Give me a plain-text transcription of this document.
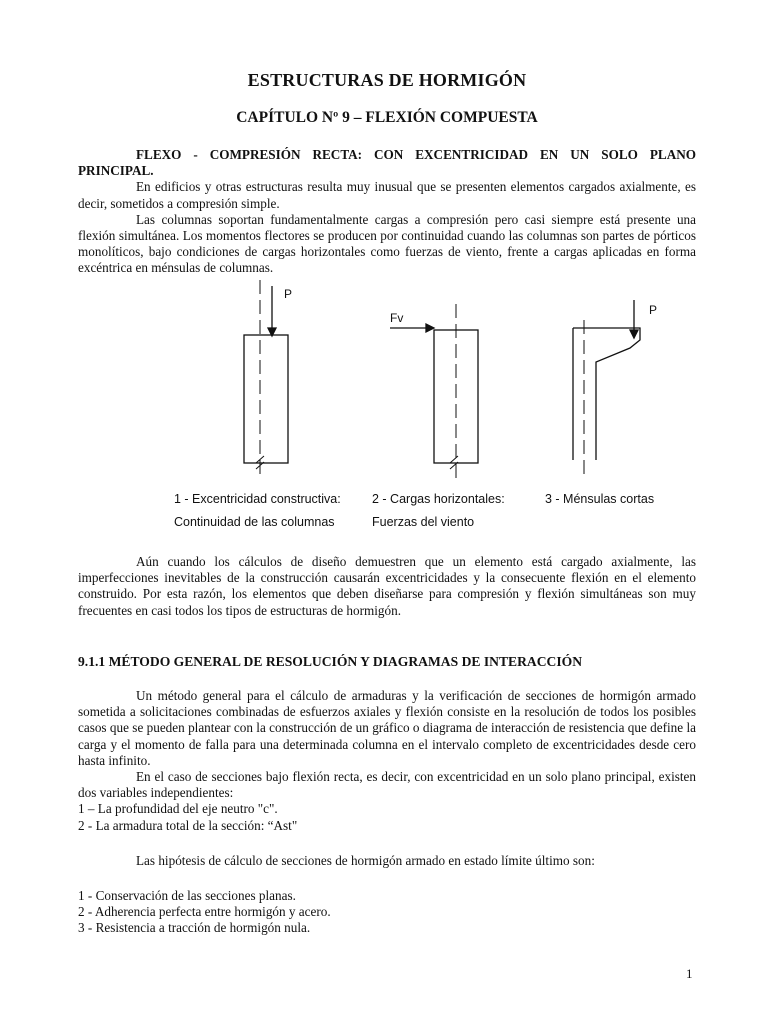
ESTRUCTURAS DE HORMIGÓN
CAPÍTULO Nº 9 – FLEXIÓN COMPUESTA

FLEXO - COMPRESIÓN RECTA: CON EXCENTRICIDAD EN UN SOLO PLANO PRINCIPAL.

En edificios y otras estructuras resulta muy inusual que se presenten elementos cargados axialmente, es decir, sometidos a compresión simple.

Las columnas soportan fundamentalmente cargas a compresión pero casi siempre está presente una flexión simultánea. Los momentos flectores se producen por continuidad cuando las columnas son partes de pórticos monolíticos, bajo condiciones de cargas horizontales como fuerzas de viento, frente a cargas aplicadas en forma excéntrica en ménsulas de columnas.

P
Fv
P
1 - Excentricidad constructiva:
Continuidad de las columnas
2 - Cargas horizontales:
Fuerzas del viento
3 - Ménsulas cortas

Aún cuando los cálculos de diseño demuestren que un elemento está cargado axialmente, las imperfecciones inevitables de la construcción causarán excentricidades y la consecuente flexión en el elemento construido. Por esta razón, los elementos que deben diseñarse para compresión y flexión simultáneas son muy frecuentes en casi todos los tipos de estructuras de hormigón.

9.1.1 MÉTODO GENERAL DE RESOLUCIÓN Y DIAGRAMAS DE INTERACCIÓN

Un método general para el cálculo de armaduras y la verificación de secciones de hormigón armado sometida a solicitaciones combinadas de esfuerzos axiales y flexión consiste en la resolución de todos los posibles casos que se pueden plantear con la construcción de un gráfico o diagrama de interacción de resistencia que define la carga y el momento de falla para una determinada columna en el intervalo completo de excentricidades desde cero hasta infinito.

En el caso de secciones bajo flexión recta, es decir, con excentricidad en un solo plano principal, existen dos variables independientes:

1 – La profundidad del eje neutro "c".

2 - La armadura total de la sección: “Ast"

Las hipótesis de cálculo de secciones de hormigón armado en estado límite último son:

1 - Conservación de las secciones planas.

2 - Adherencia perfecta entre hormigón y acero.

3 - Resistencia a tracción de hormigón nula.

1
